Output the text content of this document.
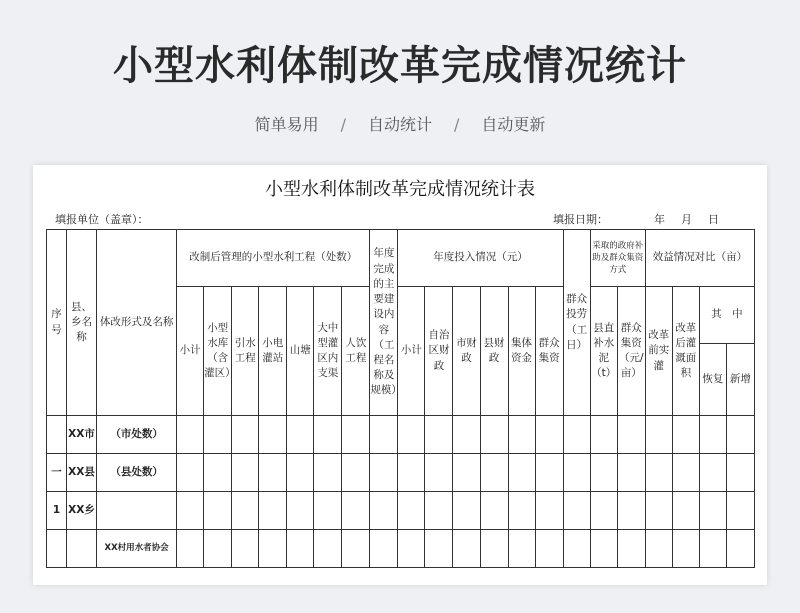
小型水利体制改革完成情况统计
简单易用 / 自动统计 / 自动更新
小型水利体制改革完成情况统计表
填报单位（盖章）：	填报日期：	年 月 日
序号	县、乡名称	体改形式及名称	改制后管理的小型水利工程（处数）							年度完成的主要建设内容（工程名称及规模）	年度投入情况（元）						群众投劳（工日）	采取的政府补助及群众集资方式		效益情况对比（亩）			
			小计	小型水库（含灌区）	引水工程	小电灌站	山塘	大中型灌区内支渠	人饮工程		小计	自治区财政	市财政	县财政	集体资金	群众集资		县直补水泥（t）	群众集资（元/亩）	改革前实灌	改革后灌溉面积	其　中	
																						恢复	新增
	XX市	（市处数）																					
一	XX县	（县处数）																					
1	XX乡																						
		XX村用水者协会																					
